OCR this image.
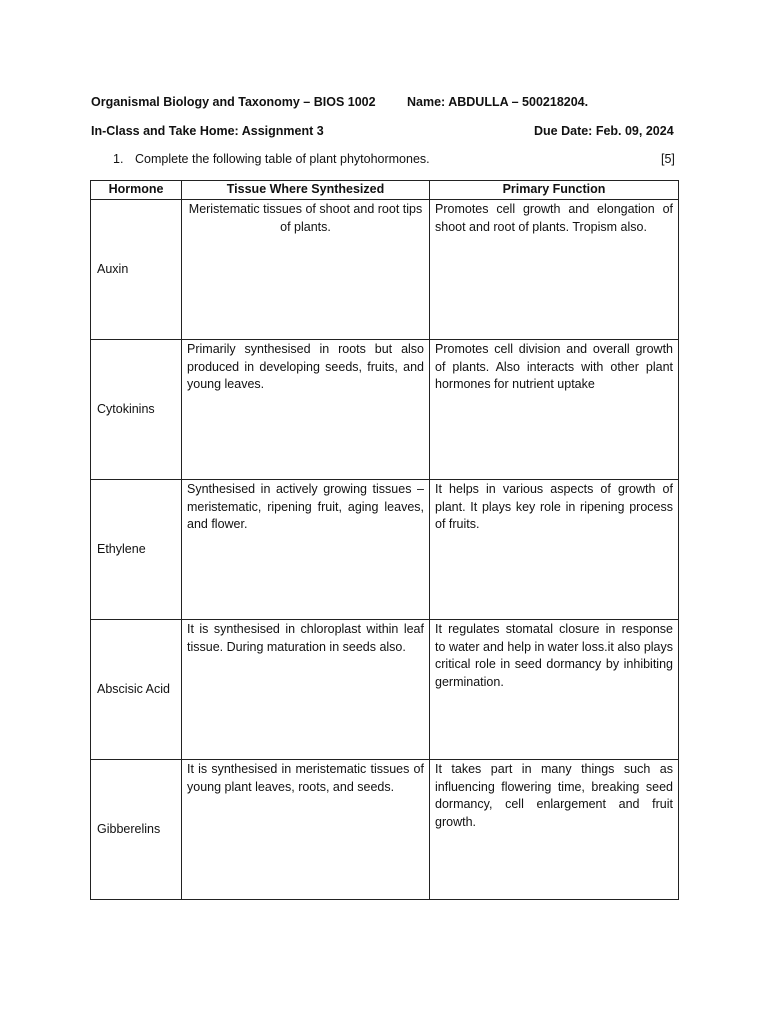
Organismal Biology and Taxonomy – BIOS 1002	Name: ABDULLA – 500218204.
In-Class and Take Home: Assignment 3	Due Date: Feb. 09, 2024
1. Complete the following table of plant phytohormones.	[5]
Hormone	Tissue Where Synthesized	Primary Function
Auxin	Meristematic tissues of shoot and root tips of plants.	Promotes cell growth and elongation of shoot and root of plants. Tropism also.
Cytokinins	Primarily synthesised in roots but also produced in developing seeds, fruits, and young leaves.	Promotes cell division and overall growth of plants. Also interacts with other plant hormones for nutrient uptake
Ethylene	Synthesised in actively growing tissues – meristematic, ripening fruit, aging leaves, and flower.	It helps in various aspects of growth of plant. It plays key role in ripening process of fruits.
Abscisic Acid	It is synthesised in chloroplast within leaf tissue. During maturation in seeds also.	It regulates stomatal closure in response to water and help in water loss.it also plays critical role in seed dormancy by inhibiting germination.
Gibberelins	It is synthesised in meristematic tissues of young plant leaves, roots, and seeds.	It takes part in many things such as influencing flowering time, breaking seed dormancy, cell enlargement and fruit growth.
